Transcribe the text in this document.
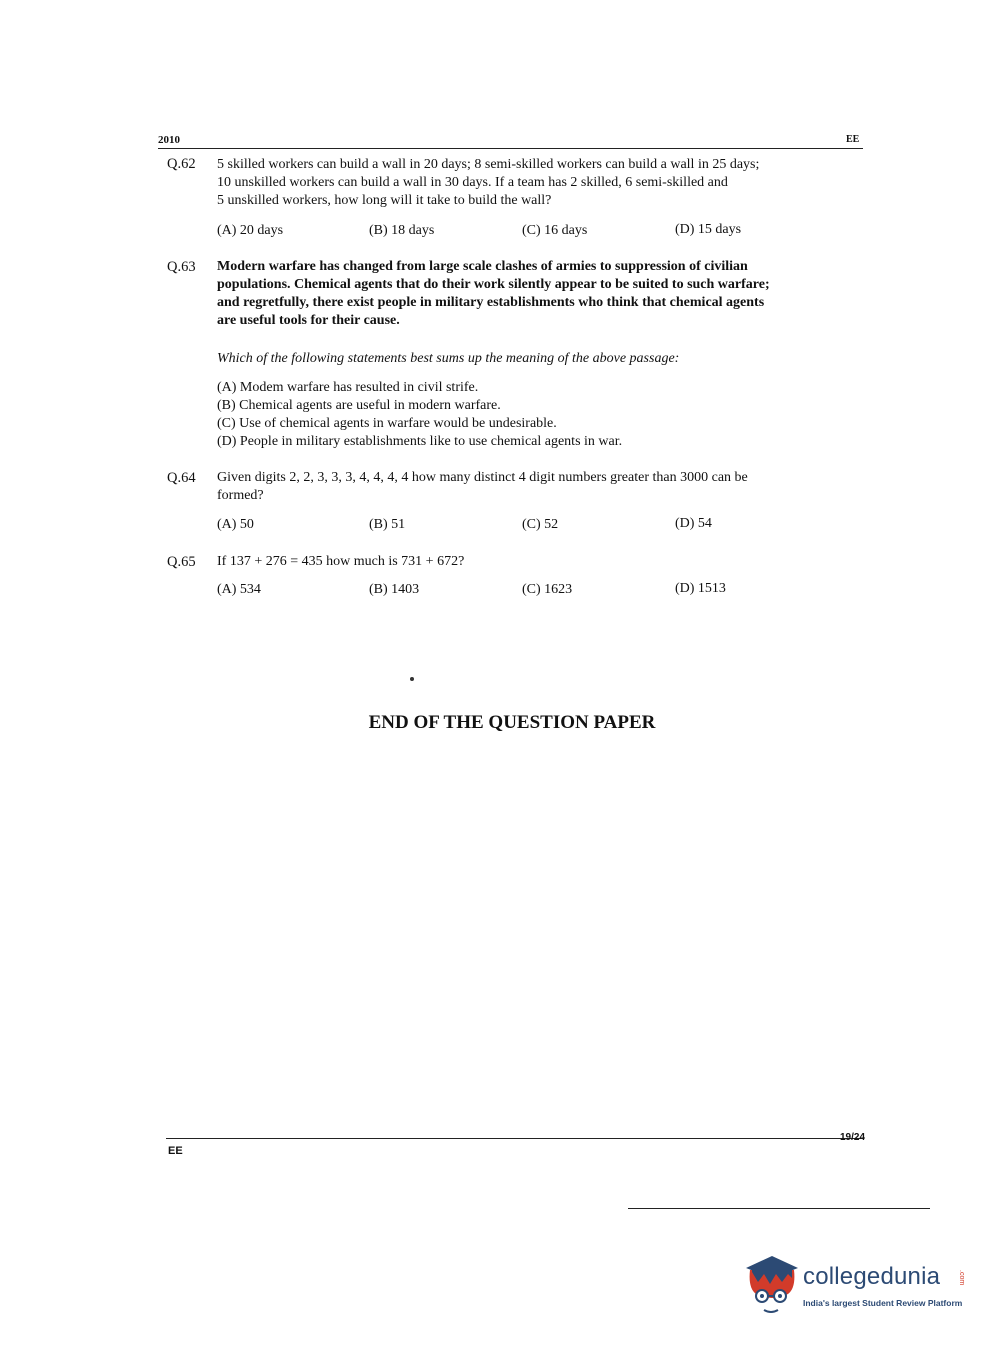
2010	EE
Q.62 5 skilled workers can build a wall in 20 days; 8 semi-skilled workers can build a wall in 25 days;
10 unskilled workers can build a wall in 30 days. If a team has 2 skilled, 6 semi-skilled and
5 unskilled workers, how long will it take to build the wall?
(A) 20 days	(B) 18 days	(C) 16 days	(D) 15 days
Q.63 Modern warfare has changed from large scale clashes of armies to suppression of civilian
populations. Chemical agents that do their work silently appear to be suited to such warfare;
and regretfully, there exist people in military establishments who think that chemical agents
are useful tools for their cause.
Which of the following statements best sums up the meaning of the above passage:
(A) Modem warfare has resulted in civil strife.
(B) Chemical agents are useful in modern warfare.
(C) Use of chemical agents in warfare would be undesirable.
(D) People in military establishments like to use chemical agents in war.
Q.64 Given digits 2, 2, 3, 3, 3, 4, 4, 4, 4 how many distinct 4 digit numbers greater than 3000 can be
formed?
(A) 50	(B) 51	(C) 52	(D) 54
Q.65 If 137 + 276 = 435 how much is 731 + 672?
(A) 534	(B) 1403	(C) 1623	(D) 1513
END OF THE QUESTION PAPER
EE
19/24
collegedunia	.com
India's largest Student Review Platform
